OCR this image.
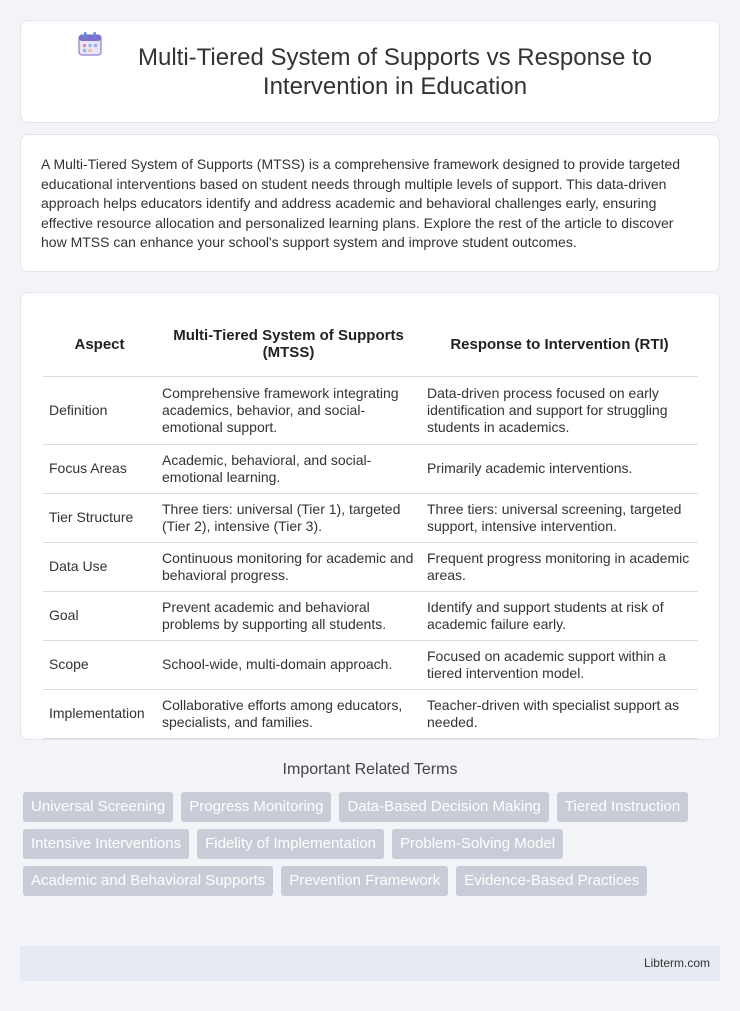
Multi-Tiered System of Supports vs Response to Intervention in Education

A Multi-Tiered System of Supports (MTSS) is a comprehensive framework designed to provide targeted educational interventions based on student needs through multiple levels of support. This data-driven approach helps educators identify and address academic and behavioral challenges early, ensuring effective resource allocation and personalized learning plans. Explore the rest of the article to discover how MTSS can enhance your school's support system and improve student outcomes.

Aspect	Multi-Tiered System of Supports (MTSS)	Response to Intervention (RTI)
Definition	Comprehensive framework integrating academics, behavior, and social-emotional support.	Data-driven process focused on early identification and support for struggling students in academics.
Focus Areas	Academic, behavioral, and social-emotional learning.	Primarily academic interventions.
Tier Structure	Three tiers: universal (Tier 1), targeted (Tier 2), intensive (Tier 3).	Three tiers: universal screening, targeted support, intensive intervention.
Data Use	Continuous monitoring for academic and behavioral progress.	Frequent progress monitoring in academic areas.
Goal	Prevent academic and behavioral problems by supporting all students.	Identify and support students at risk of academic failure early.
Scope	School-wide, multi-domain approach.	Focused on academic support within a tiered intervention model.
Implementation	Collaborative efforts among educators, specialists, and families.	Teacher-driven with specialist support as needed.
Important Related Terms
Universal Screening	Progress Monitoring	Data-Based Decision Making	Tiered Instruction
Intensive Interventions	Fidelity of Implementation	Problem-Solving Model
Academic and Behavioral Supports	Prevention Framework	Evidence-Based Practices
Libterm.com
